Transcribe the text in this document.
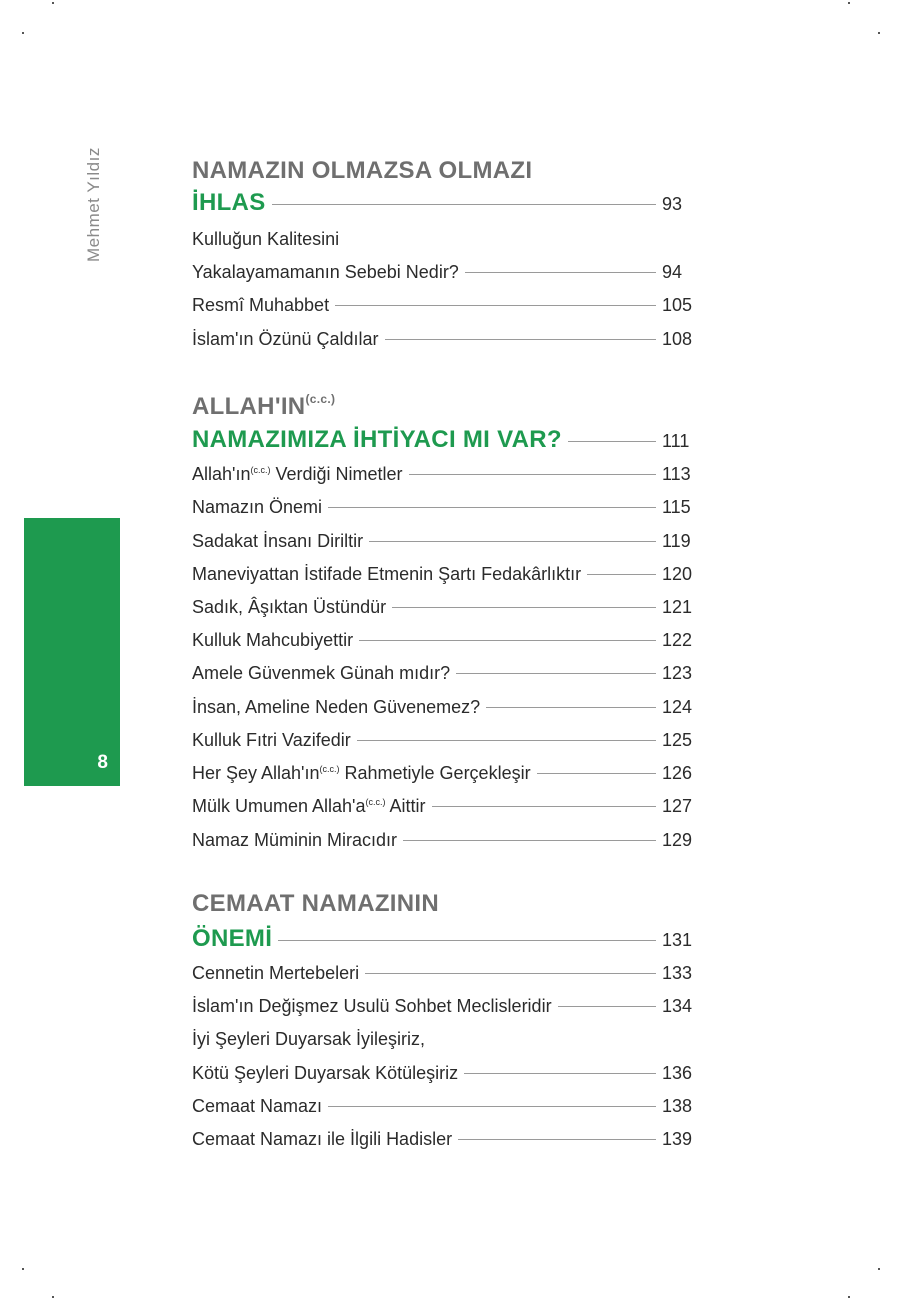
Mehmet Yıldız
8
NAMAZIN OLMAZSA OLMAZI
İHLAS	93
Kulluğun Kalitesini
Yakalayamamanın Sebebi Nedir?	94
Resmî Muhabbet	105
İslam'ın Özünü Çaldılar	108
$ALLAH'IN^{(c.c.)}$
NAMAZIMIZA İHTİYACI MI VAR?	111
$Allah'ın^{(c.c.)}$ Verdiği Nimetler	113
Namazın Önemi	115
Sadakat İnsanı Diriltir	119
Maneviyattan İstifade Etmenin Şartı Fedakârlıktır	120
Sadık, Âşıktan Üstündür	121
Kulluk Mahcubiyettir	122
Amele Güvenmek Günah mıdır?	123
İnsan, Ameline Neden Güvenemez?	124
Kulluk Fıtri Vazifedir	125
Her Şey $Allah'ın^{(c.c.)}$ Rahmetiyle Gerçekleşir	126
Mülk Umumen $Allah'a^{(c.c.)}$ Aittir	127
Namaz Müminin Miracıdır	129
CEMAAT NAMAZININ
ÖNEMİ	131
Cennetin Mertebeleri	133
İslam'ın Değişmez Usulü Sohbet Meclisleridir	134
İyi Şeyleri Duyarsak İyileşiriz,
Kötü Şeyleri Duyarsak Kötüleşiriz	136
Cemaat Namazı	138
Cemaat Namazı ile İlgili Hadisler	139
